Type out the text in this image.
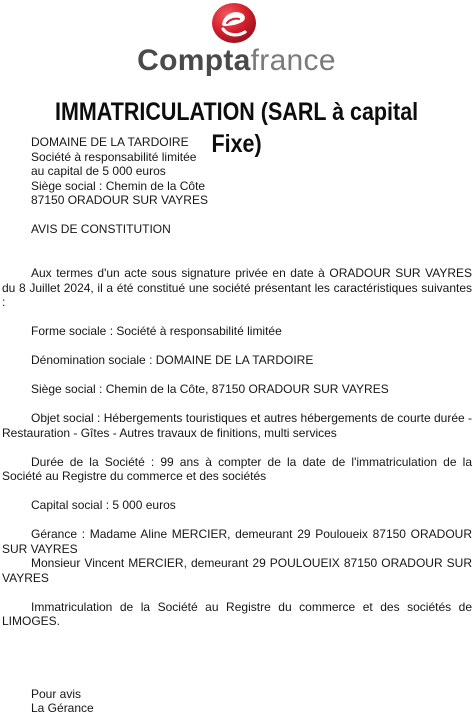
Comptafrance
IMMATRICULATION (SARL à capital Fixe)
DOMAINE DE LA TARDOIRE
Société à responsabilité limitée
au capital de 5 000 euros
Siège social : Chemin de la Côte
87150 ORADOUR SUR VAYRES
AVIS DE CONSTITUTION
Aux termes d'un acte sous signature privée en date à ORADOUR SUR VAYRES du 8 Juillet 2024, il a été constitué une société présentant les caractéristiques suivantes :
Forme sociale : Société à responsabilité limitée
Dénomination sociale : DOMAINE DE LA TARDOIRE
Siège social : Chemin de la Côte, 87150 ORADOUR SUR VAYRES
Objet social : Hébergements touristiques et autres hébergements de courte durée - Restauration - Gîtes - Autres travaux de finitions, multi services
Durée de la Société : 99 ans à compter de la date de l'immatriculation de la Société au Registre du commerce et des sociétés
Capital social : 5 000 euros
Gérance : Madame Aline MERCIER, demeurant 29 Pouloueix 87150 ORADOUR SUR VAYRES
Monsieur Vincent MERCIER, demeurant 29 POULOUEIX 87150 ORADOUR SUR VAYRES
Immatriculation de la Société au Registre du commerce et des sociétés de LIMOGES.
Pour avis
La Gérance
